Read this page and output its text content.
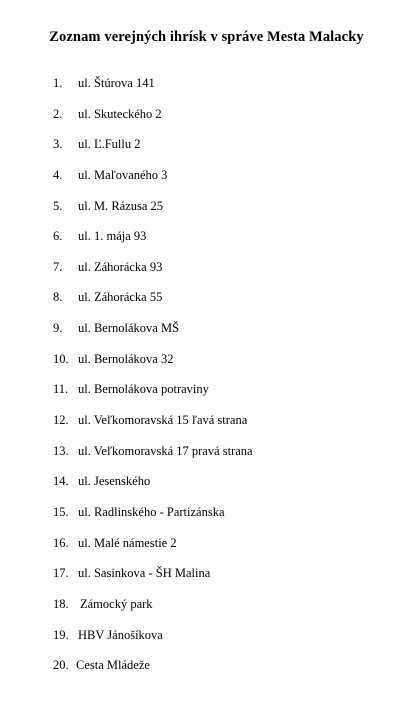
Zoznam verejných ihrísk v správe Mesta Malacky
1. ul. Štúrova 141
2. ul. Skuteckého 2
3. ul. Ľ.Fullu 2
4. ul. Maľovaného 3
5. ul. M. Rázusa 25
6. ul. 1. mája 93
7. ul. Záhorácka 93
8. ul. Záhorácka 55
9. ul. Bernolákova MŠ
10. ul. Bernolákova 32
11. ul. Bernolákova potraviny
12. ul. Veľkomoravská 15 ľavá strana
13. ul. Veľkomoravská 17 pravá strana
14. ul. Jesenského
15. ul. Radlinského - Partizánska
16. ul. Malé námestie 2
17. ul. Sasinkova - ŠH Malina
18. Zámocký park
19. HBV Jánošíkova
20. Cesta Mládeže
